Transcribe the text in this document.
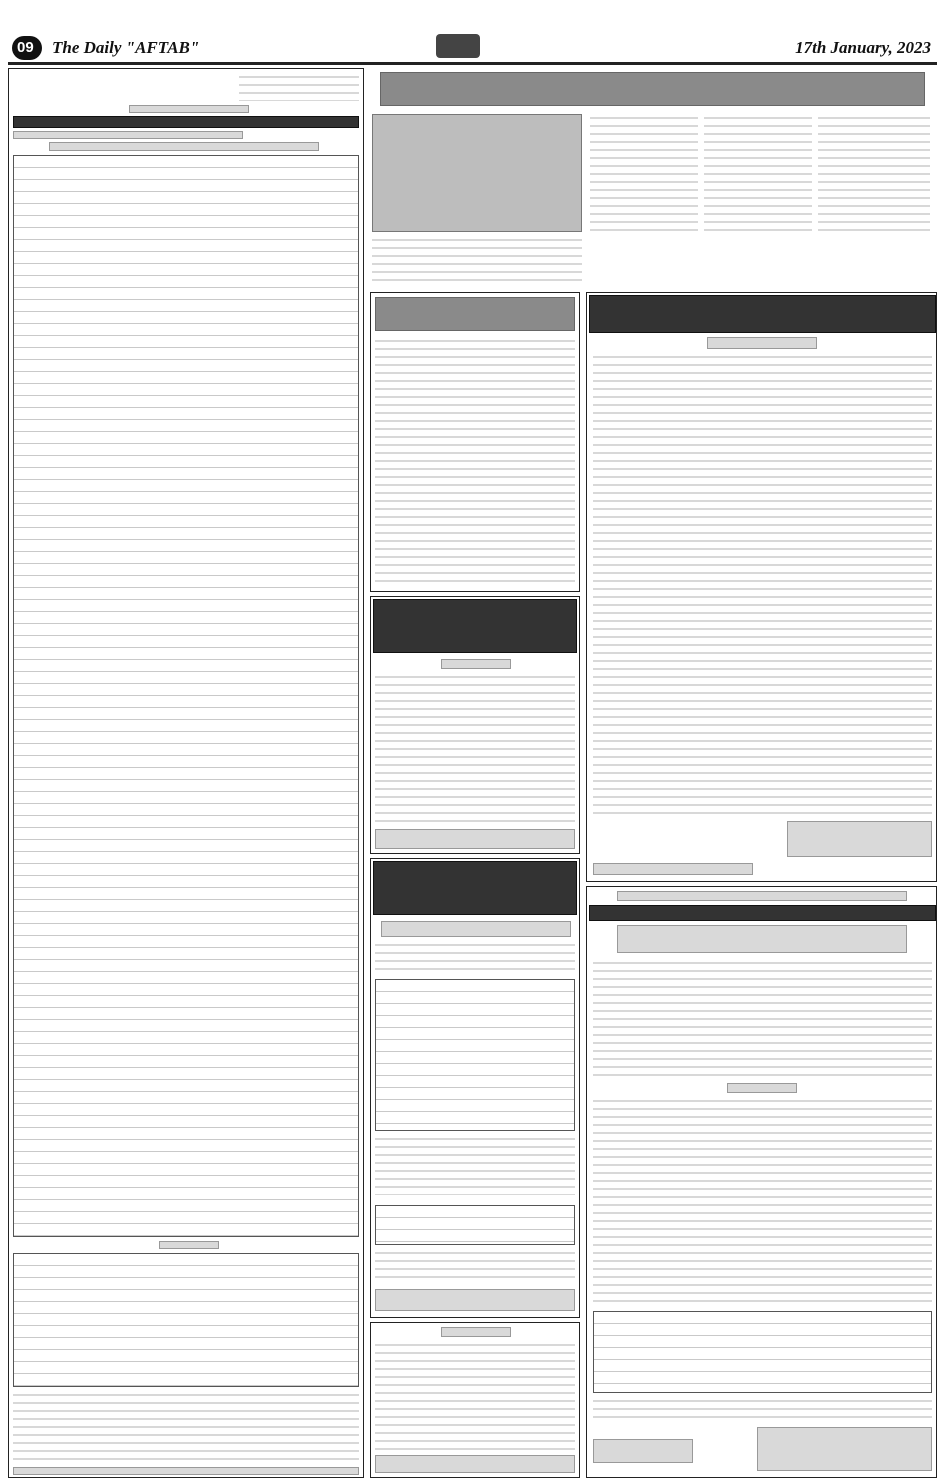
09 The Daily "AFTAB"	17th January, 2023
